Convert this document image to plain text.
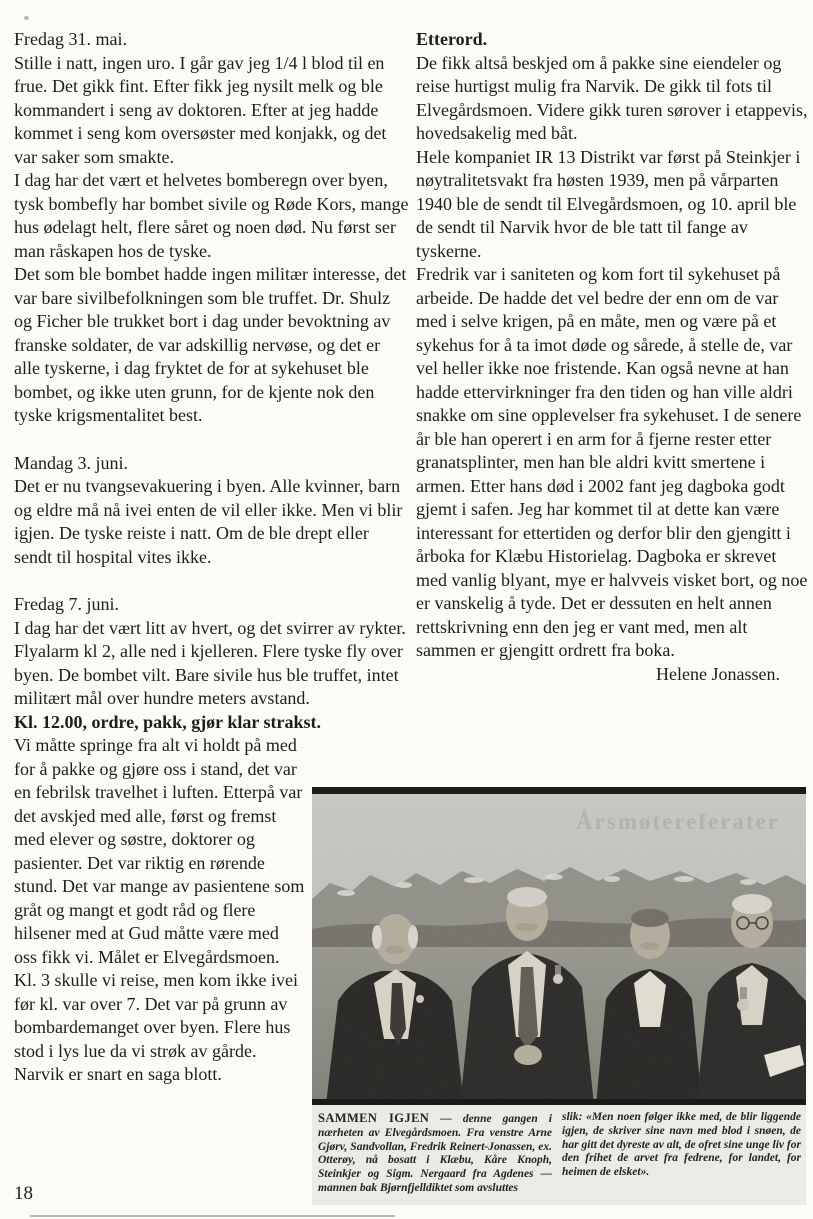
Fredag 31. mai.

Stille i natt, ingen uro. I går gav jeg 1/4 l blod til en frue. Det gikk fint. Efter fikk jeg nysilt melk og ble kommandert i seng av doktoren. Efter at jeg hadde kommet i seng kom oversøster med konjakk, og det var saker som smakte.

I dag har det vært et helvetes bomberegn over byen, tysk bombefly har bombet sivile og Røde Kors, mange hus ødelagt helt, flere såret og noen død. Nu først ser man råskapen hos de tyske.

Det som ble bombet hadde ingen militær interesse, det var bare sivilbefolkningen som ble truffet. Dr. Shulz og Ficher ble trukket bort i dag under bevoktning av franske soldater, de var adskillig nervøse, og det er alle tyskerne, i dag fryktet de for at sykehuset ble bombet, og ikke uten grunn, for de kjente nok den tyske krigsmentalitet best.

Mandag 3. juni.

Det er nu tvangsevakuering i byen. Alle kvinner, barn og eldre må nå ivei enten de vil eller ikke. Men vi blir igjen. De tyske reiste i natt. Om de ble drept eller sendt til hospital vites ikke.

Fredag 7. juni.

I dag har det vært litt av hvert, og det svirrer av rykter. Flyalarm kl 2, alle ned i kjelleren. Flere tyske fly over byen. De bombet vilt. Bare sivile hus ble truffet, intet militært mål over hundre meters avstand.

Kl. 12.00, ordre, pakk, gjør klar strakst.

Vi måtte springe fra alt vi holdt på med for å pakke og gjøre oss i stand, det var en febrilsk travelhet i luften. Etterpå var det avskjed med alle, først og fremst med elever og søstre, doktorer og pasienter. Det var riktig en rørende stund. Det var mange av pasientene som gråt og mangt et godt råd og flere hilsener med at Gud måtte være med oss fikk vi. Målet er Elvegårdsmoen. Kl. 3 skulle vi reise, men kom ikke ivei før kl. var over 7. Det var på grunn av bombardemanget over byen. Flere hus stod i lys lue da vi strøk av gårde. Narvik er snart en saga blott.

Etterord.

De fikk altså beskjed om å pakke sine eiendeler og reise hurtigst mulig fra Narvik. De gikk til fots til Elvegårdsmoen. Videre gikk turen sørover i etappevis, hovedsakelig med båt.

Hele kompaniet IR 13 Distrikt var først på Steinkjer i nøytralitetsvakt fra høsten 1939, men på vårparten 1940 ble de sendt til Elvegårdsmoen, og 10. april ble de sendt til Narvik hvor de ble tatt til fange av tyskerne.

Fredrik var i saniteten og kom fort til sykehuset på arbeide. De hadde det vel bedre der enn om de var med i selve krigen, på en måte, men og være på et sykehus for å ta imot døde og sårede, å stelle de, var vel heller ikke noe fristende. Kan også nevne at han hadde ettervirkninger fra den tiden og han ville aldri snakke om sine opplevelser fra sykehuset. I de senere år ble han operert i en arm for å fjerne rester etter granatsplinter, men han ble aldri kvitt smertene i armen. Etter hans død i 2002 fant jeg dagboka godt gjemt i safen. Jeg har kommet til at dette kan være interessant for ettertiden og derfor blir den gjengitt i årboka for Klæbu Historielag. Dagboka er skrevet med vanlig blyant, mye er halvveis visket bort, og noe er vanskelig å tyde. Det er dessuten en helt annen rettskrivning enn den jeg er vant med, men alt sammen er gjengitt ordrett fra boka.

Helene Jonassen.

SAMMEN IGJEN — denne gangen i nærheten av Elvegårdsmoen. Fra venstre Arne Gjørv, Sandvollan, Fredrik Reinert-Jonassen, ex. Otterøy, nå bosatt i Klæbu, Kåre Knoph, Steinkjer og Sigm. Nergaard fra Agdenes — mannen bak Bjørnfjelldiktet som avsluttes

slik: «Men noen følger ikke med, de blir liggende igjen, de skriver sine navn med blod i snøen, de har gitt det dyreste av alt, de ofret sine unge liv for den frihet de arvet fra fedrene, for landet, for heimen de elsket».

18
